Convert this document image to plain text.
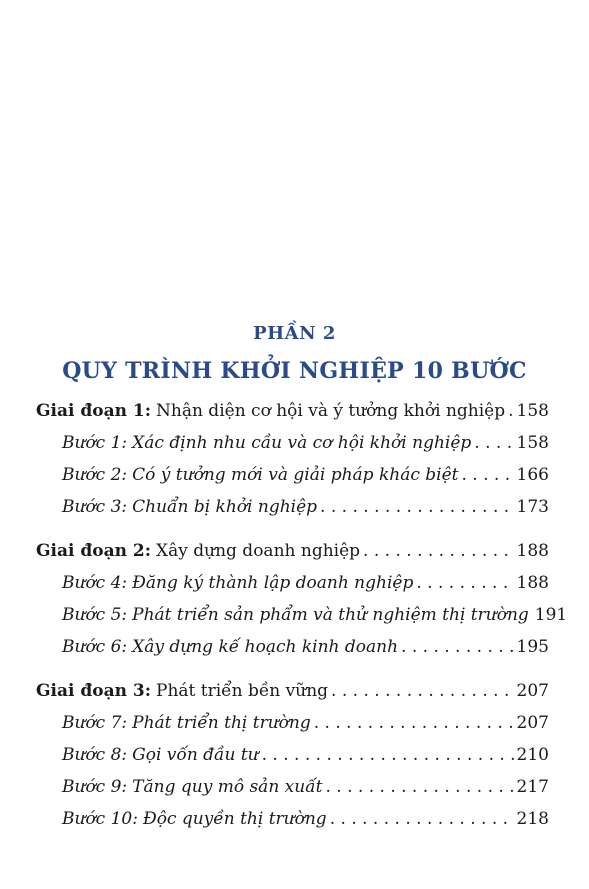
PHẦN 2
QUY TRÌNH KHỞI NGHIỆP 10 BƯỚC
Giai đoạn 1: Nhận diện cơ hội và ý tưởng khởi nghiệp . . . 158
Bước 1: Xác định nhu cầu và cơ hội khởi nghiệp . . .	158
Bước 2: Có ý tưởng mới và giải pháp khác biệt . . .	166
Bước 3: Chuẩn bị khởi nghiệp . . .	173
Giai đoạn 2: Xây dựng doanh nghiệp . . .	188
Bước 4: Đăng ký thành lập doanh nghiệp . . .	188
Bước 5: Phát triển sản phẩm và thử nghiệm thị trường 191
Bước 6: Xây dựng kế hoạch kinh doanh . . .	195
Giai đoạn 3: Phát triển bền vững . . .	207
Bước 7: Phát triển thị trường . . .	207
Bước 8: Gọi vốn đầu tư . . .	210
Bước 9: Tăng quy mô sản xuất . . .	217
Bước 10: Độc quyền thị trường . . .	218
